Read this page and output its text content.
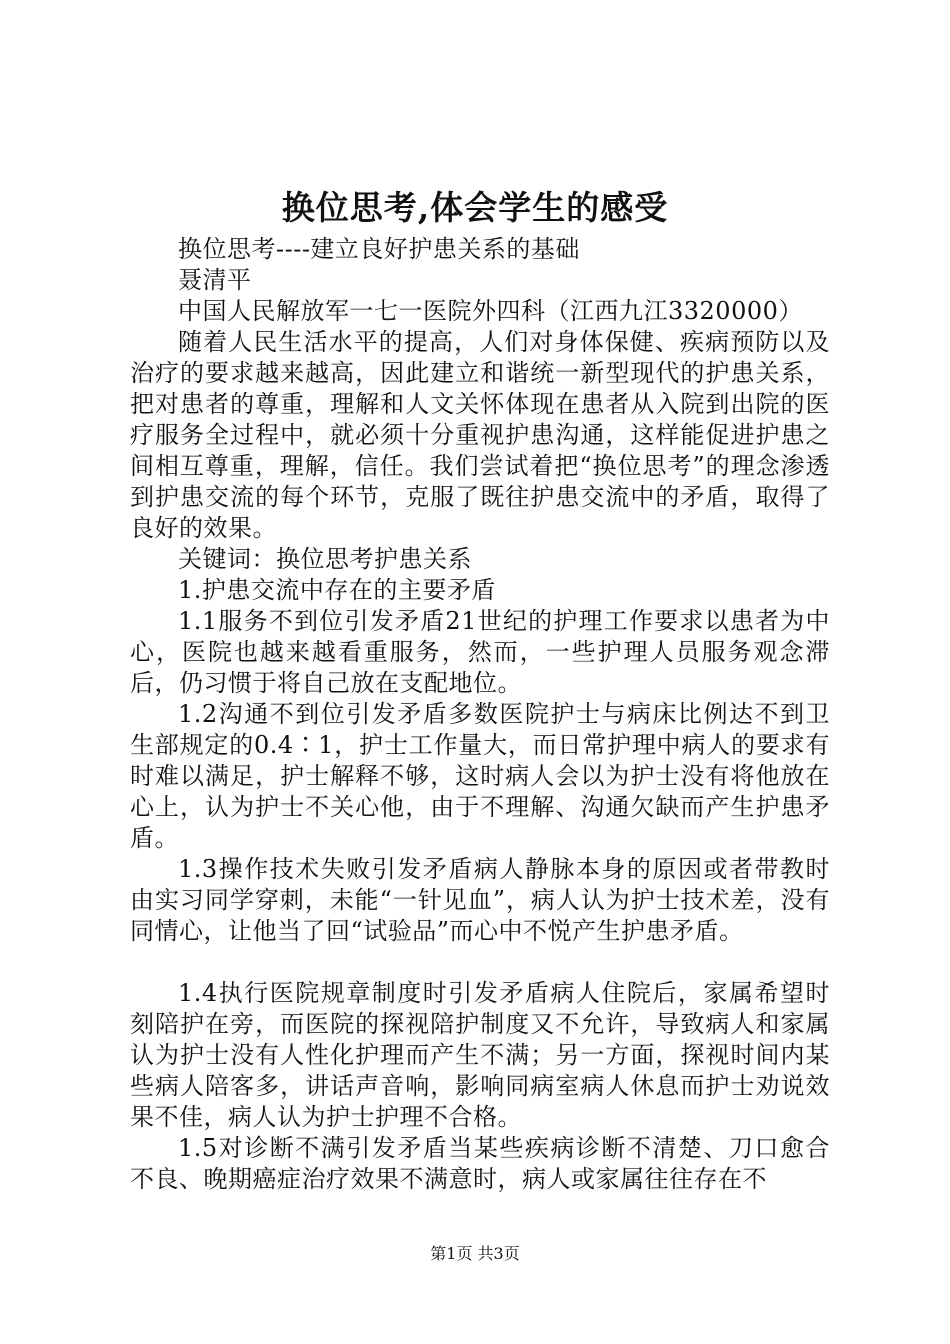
换位思考,体会学生的感受

换位思考----建立良好护患关系的基础

聂清平

中国人民解放军一七一医院外四科（江西九江3320000）

随着人民生活水平的提高，人们对身体保健、疾病预防以及治疗的要求越来越高，因此建立和谐统一新型现代的护患关系，把对患者的尊重，理解和人文关怀体现在患者从入院到出院的医疗服务全过程中，就必须十分重视护患沟通，这样能促进护患之间相互尊重，理解，信任。我们尝试着把“换位思考”的理念渗透到护患交流的每个环节，克服了既往护患交流中的矛盾，取得了良好的效果。

关键词：换位思考护患关系

1.护患交流中存在的主要矛盾

1.1服务不到位引发矛盾21世纪的护理工作要求以患者为中心，医院也越来越看重服务，然而，一些护理人员服务观念滞后，仍习惯于将自己放在支配地位。

1.2沟通不到位引发矛盾多数医院护士与病床比例达不到卫生部规定的0.4∶1，护士工作量大，而日常护理中病人的要求有时难以满足，护士解释不够，这时病人会以为护士没有将他放在心上，认为护士不关心他，由于不理解、沟通欠缺而产生护患矛盾。

1.3操作技术失败引发矛盾病人静脉本身的原因或者带教时由实习同学穿刺，未能“一针见血”，病人认为护士技术差，没有同情心，让他当了回“试验品”而心中不悦产生护患矛盾。

1.4执行医院规章制度时引发矛盾病人住院后，家属希望时刻陪护在旁，而医院的探视陪护制度又不允许，导致病人和家属认为护士没有人性化护理而产生不满；另一方面，探视时间内某些病人陪客多，讲话声音响，影响同病室病人休息而护士劝说效果不佳，病人认为护士护理不合格。

1.5对诊断不满引发矛盾当某些疾病诊断不清楚、刀口愈合不良、晚期癌症治疗效果不满意时，病人或家属往往存在不

第1页 共3页
